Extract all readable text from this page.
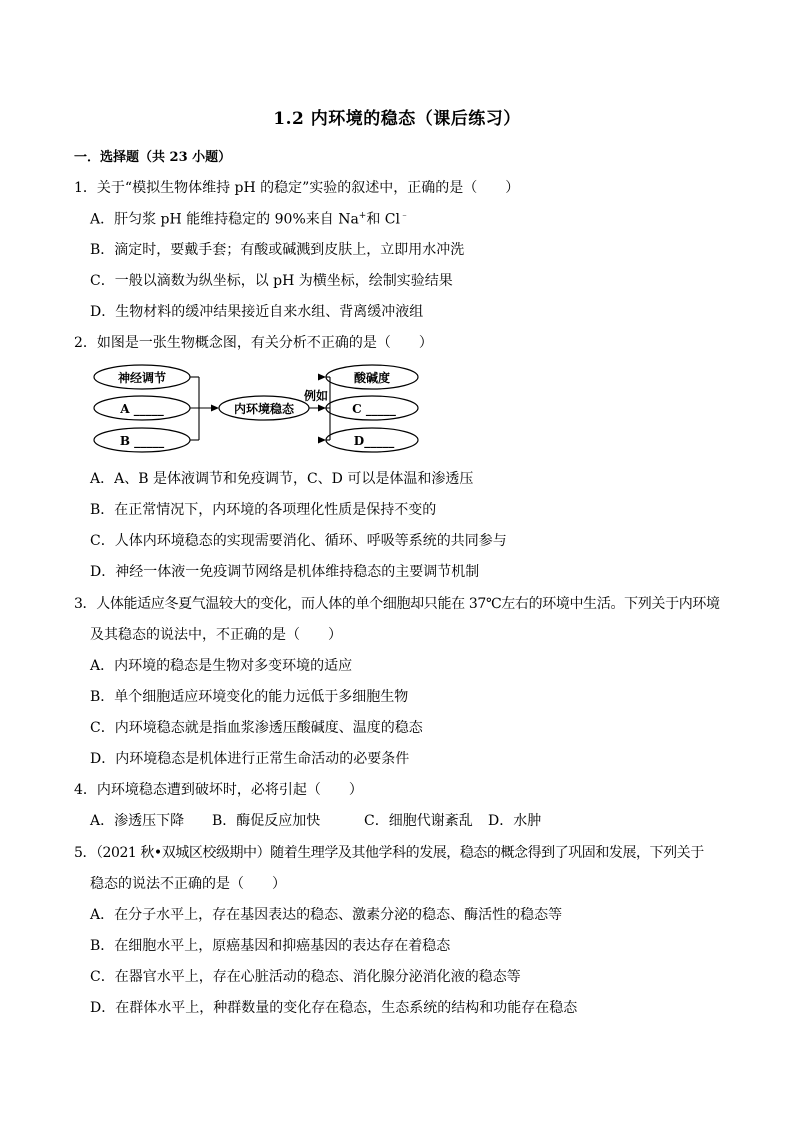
1.2 内环境的稳态（课后练习）
一．选择题（共 23 小题）
1．关于“模拟生物体维持 pH 的稳定”实验的叙述中，正确的是（　　）
A．肝匀浆 pH 能维持稳定的 90%来自 Na+和 Cl﹣
B．滴定时，要戴手套；有酸或碱溅到皮肤上，立即用水冲洗
C．一般以滴数为纵坐标，以 pH 为横坐标，绘制实验结果
D．生物材料的缓冲结果接近自来水组、背离缓冲液组
2．如图是一张生物概念图，有关分析不正确的是（　　）
神经调节
A _____
B _____
内环境稳态
例如
酸碱度
C _____
D_____
A．A、B 是体液调节和免疫调节，C、D 可以是体温和渗透压
B．在正常情况下，内环境的各项理化性质是保持不变的
C．人体内环境稳态的实现需要消化、循环、呼吸等系统的共同参与
D．神经一体液一免疫调节网络是机体维持稳态的主要调节机制
3．人体能适应冬夏气温较大的变化，而人体的单个细胞却只能在 37℃左右的环境中生活。下列关于内环境
及其稳态的说法中，不正确的是（　　）
A．内环境的稳态是生物对多变环境的适应
B．单个细胞适应环境变化的能力远低于多细胞生物
C．内环境稳态就是指血浆渗透压酸碱度、温度的稳态
D．内环境稳态是机体进行正常生命活动的必要条件
4．内环境稳态遭到破坏时，必将引起（　　）
A．渗透压下降 B．酶促反应加快	C．细胞代谢紊乱 D．水肿
5．（2021 秋•双城区校级期中）随着生理学及其他学科的发展，稳态的概念得到了巩固和发展，下列关于
稳态的说法不正确的是（　　）
A．在分子水平上，存在基因表达的稳态、激素分泌的稳态、酶活性的稳态等
B．在细胞水平上，原癌基因和抑癌基因的表达存在着稳态
C．在器官水平上，存在心脏活动的稳态、消化腺分泌消化液的稳态等
D．在群体水平上，种群数量的变化存在稳态，生态系统的结构和功能存在稳态
